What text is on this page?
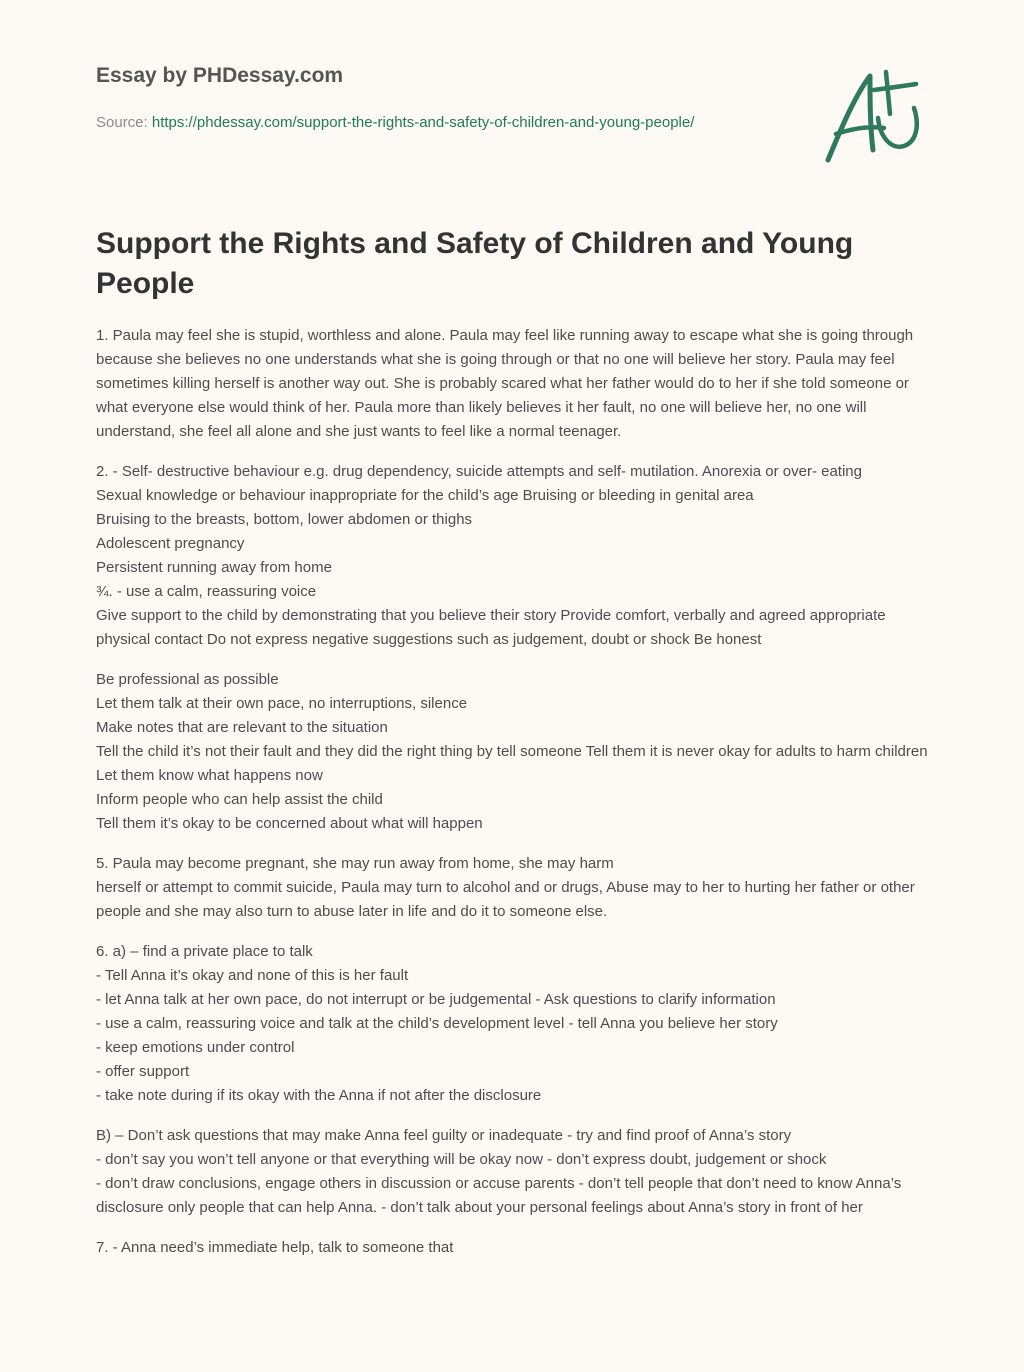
Essay by PHDessay.com
Source: https://phdessay.com/support-the-rights-and-safety-of-children-and-young-people/
Support the Rights and Safety of Children and Young People

1. Paula may feel she is stupid, worthless and alone. Paula may feel like running away to escape what she is going through because she believes no one understands what she is going through or that no one will believe her story. Paula may feel sometimes killing herself is another way out. She is probably scared what her father would do to her if she told someone or what everyone else would think of her. Paula more than likely believes it her fault, no one will believe her, no one will understand, she feel all alone and she just wants to feel like a normal teenager.

2. - Self- destructive behaviour e.g. drug dependency, suicide attempts and self- mutilation. Anorexia or over- eating
Sexual knowledge or behaviour inappropriate for the child’s age Bruising or bleeding in genital area
Bruising to the breasts, bottom, lower abdomen or thighs
Adolescent pregnancy
Persistent running away from home
¾. - use a calm, reassuring voice
Give support to the child by demonstrating that you believe their story Provide comfort, verbally and agreed appropriate physical contact Do not express negative suggestions such as judgement, doubt or shock Be honest

Be professional as possible
Let them talk at their own pace, no interruptions, silence
Make notes that are relevant to the situation
Tell the child it’s not their fault and they did the right thing by tell someone Tell them it is never okay for adults to harm children
Let them know what happens now
Inform people who can help assist the child
Tell them it’s okay to be concerned about what will happen

5. Paula may become pregnant, she may run away from home, she may harm
herself or attempt to commit suicide, Paula may turn to alcohol and or drugs, Abuse may to her to hurting her father or other people and she may also turn to abuse later in life and do it to someone else.

6. a) – find a private place to talk
- Tell Anna it’s okay and none of this is her fault
- let Anna talk at her own pace, do not interrupt or be judgemental - Ask questions to clarify information
- use a calm, reassuring voice and talk at the child’s development level - tell Anna you believe her story
- keep emotions under control
- offer support
- take note during if its okay with the Anna if not after the disclosure

B) – Don’t ask questions that may make Anna feel guilty or inadequate - try and find proof of Anna’s story
- don’t say you won’t tell anyone or that everything will be okay now - don’t express doubt, judgement or shock
- don’t draw conclusions, engage others in discussion or accuse parents - don’t tell people that don’t need to know Anna’s disclosure only people that can help Anna. - don’t talk about your personal feelings about Anna’s story in front of her

7. - Anna need’s immediate help, talk to someone that
